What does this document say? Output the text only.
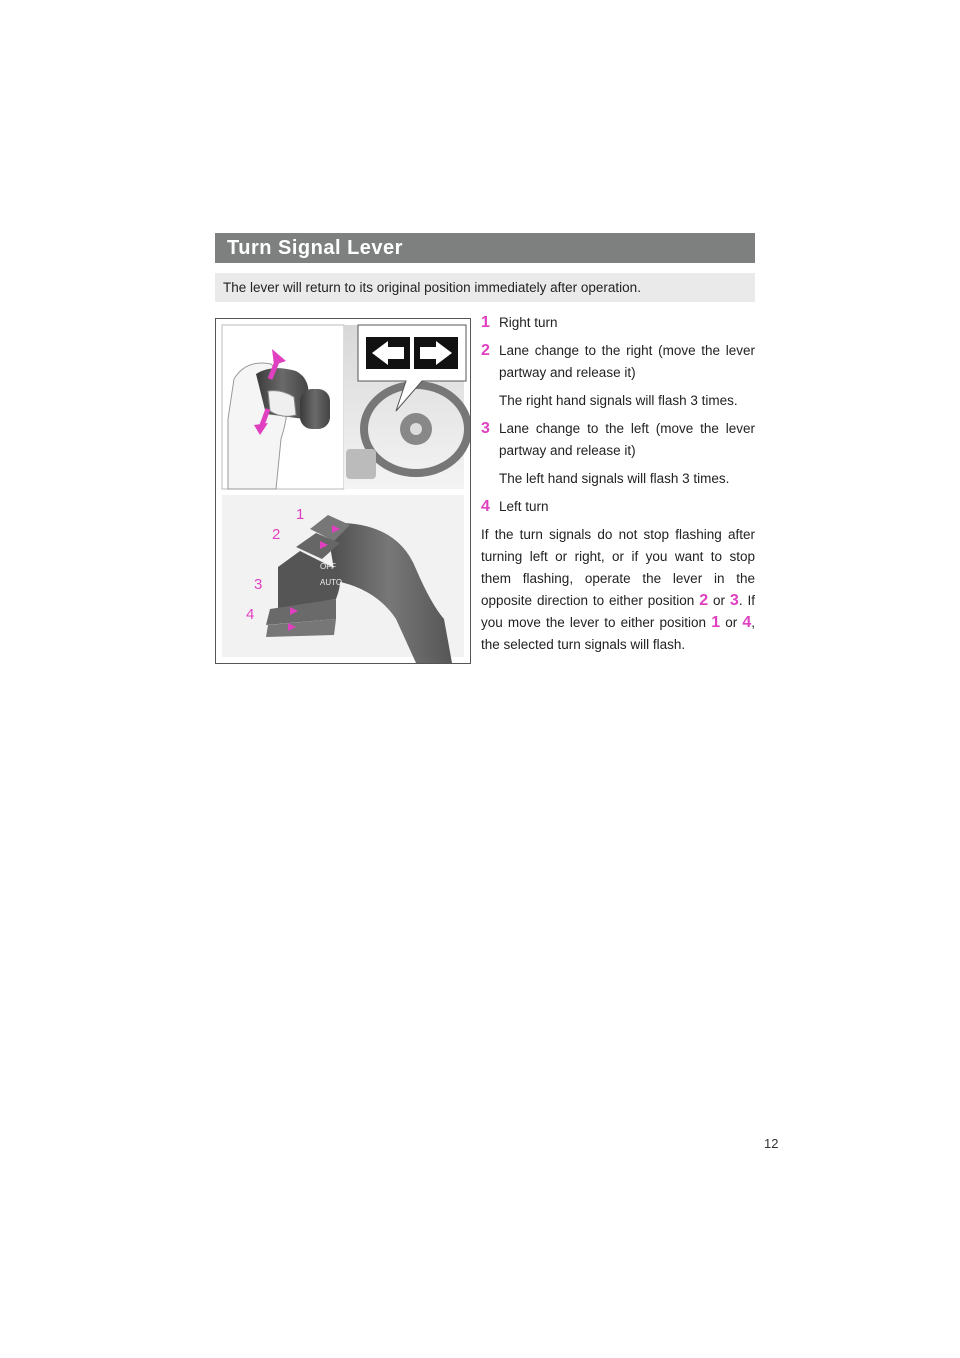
Turn Signal Lever
The lever will return to its original position immediately after operation.
OFF
AUTO
1
2
3
4
1 Right turn
2 Lane change to the right (move the lever partway and release it)
The right hand signals will flash 3 times.
3 Lane change to the left (move the lever partway and release it)
The left hand signals will flash 3 times.
4 Left turn
If the turn signals do not stop flashing after turning left or right, or if you want to stop them flashing, operate the lever in the opposite direction to either position 2 or 3. If you move the lever to either position 1 or 4, the selected turn signals will flash.
12
